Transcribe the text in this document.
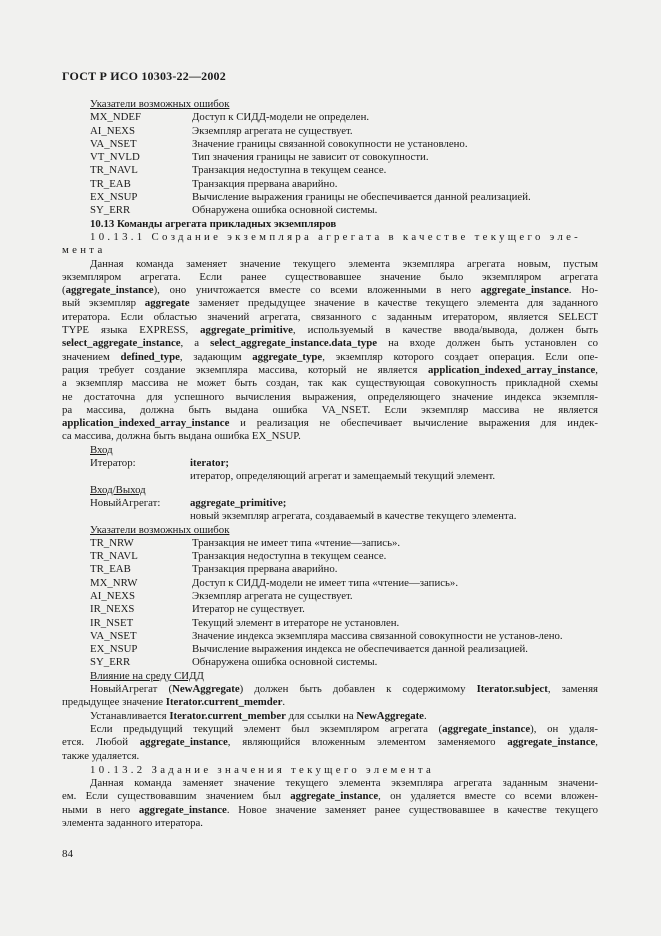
ГОСТ Р ИСО 10303-22—2002
Указатели возможных ошибок
MX_NDEF	Доступ к СИДД-модели не определен.
AI_NEXS	Экземпляр агрегата не существует.
VA_NSET	Значение границы связанной совокупности не установлено.
VT_NVLD	Тип значения границы не зависит от совокупности.
TR_NAVL	Транзакция недоступна в текущем сеансе.
TR_EAB	Транзакция прервана аварийно.
EX_NSUP	Вычисление выражения границы не обеспечивается данной реализацией.
SY_ERR	Обнаружена ошибка основной системы.
10.13 Команды агрегата прикладных экземпляров
10.13.1 Создание экземпляра агрегата в качестве текущего эле-
мента
Данная команда заменяет значение текущего элемента экземпляра агрегата новым, пустым
экземпляром агрегата. Если ранее существовавшее значение было экземпляром агрегата
(aggregate_instance), оно уничтожается вместе со всеми вложенными в него aggregate_instance. Но-
вый экземпляр aggregate заменяет предыдущее значение в качестве текущего элемента для заданного
итератора. Если областью значений агрегата, связанного с заданным итератором, является SELECT
TYPE языка EXPRESS, aggregate_primitive, используемый в качестве ввода/вывода, должен быть
select_aggregate_instance, a select_aggregate_instance.data_type на входе должен быть установлен со
значением defined_type, задающим aggregate_type, экземпляр которого создает операция. Если опе-
рация требует создание экземпляра массива, который не является application_indexed_array_instance,
а экземпляр массива не может быть создан, так как существующая совокупность прикладной схемы
не достаточна для успешного вычисления выражения, определяющего значение индекса экземпля-
ра массива, должна быть выдана ошибка VA_NSET. Если экземпляр массива не является
application_indexed_array_instance и реализация не обеспечивает вычисление выражения для индек-
са массива, должна быть выдана ошибка EX_NSUP.
Вход
Итератор:	iterator;
итератор, определяющий агрегат и замещаемый текущий элемент.
Вход/Выход
НовыйАгрегат:	aggregate_primitive;
новый экземпляр агрегата, создаваемый в качестве текущего элемента.
Указатели возможных ошибок
TR_NRW	Транзакция не имеет типа «чтение—запись».
TR_NAVL	Транзакция недоступна в текущем сеансе.
TR_EAB	Транзакция прервана аварийно.
MX_NRW	Доступ к СИДД-модели не имеет типа «чтение—запись».
AI_NEXS	Экземпляр агрегата не существует.
IR_NEXS	Итератор не существует.
IR_NSET	Текущий элемент в итераторе не установлен.
VA_NSET	Значение индекса экземпляра массива связанной совокупности не установ-лено.
EX_NSUP	Вычисление выражения индекса не обеспечивается данной реализацией.
SY_ERR	Обнаружена ошибка основной системы.
Влияние на среду СИДД
НовыйАгрегат (NewAggregate) должен быть добавлен к содержимому Iterator.subject, заменяя
предыдущее значение Iterator.current_memder.
Устанавливается Iterator.current_member для ссылки на NewAggregate.
Если предыдущий текущий элемент был экземпляром агрегата (aggregate_instance), он удаля-
ется. Любой aggregate_instance, являющийся вложенным элементом заменяемого aggregate_instance,
также удаляется.
10.13.2 Задание значения текущего элемента
Данная команда заменяет значение текущего элемента экземпляра агрегата заданным значени-
ем. Если существовавшим значением был aggregate_instance, он удаляется вместе со всеми вложен-
ными в него aggregate_instance. Новое значение заменяет ранее существовавшее в качестве текущего
элемента заданного итератора.
84
